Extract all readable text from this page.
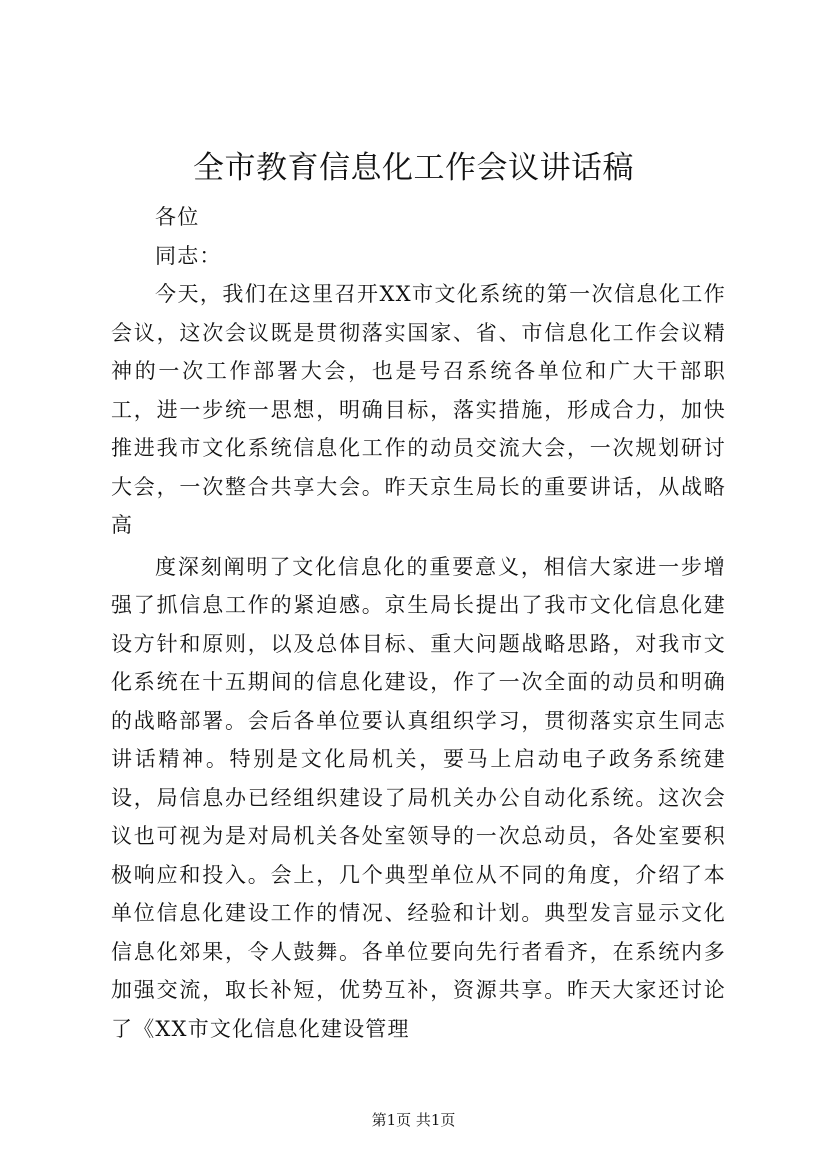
全市教育信息化工作会议讲话稿

各位

同志：

今天，我们在这里召开XX市文化系统的第一次信息化工作会议，这次会议既是贯彻落实国家、省、市信息化工作会议精神的一次工作部署大会，也是号召系统各单位和广大干部职工，进一步统一思想，明确目标，落实措施，形成合力，加快推进我市文化系统信息化工作的动员交流大会，一次规划研讨大会，一次整合共享大会。昨天京生局长的重要讲话，从战略高

度深刻阐明了文化信息化的重要意义，相信大家进一步增强了抓信息工作的紧迫感。京生局长提出了我市文化信息化建设方针和原则，以及总体目标、重大问题战略思路，对我市文化系统在十五期间的信息化建设，作了一次全面的动员和明确的战略部署。会后各单位要认真组织学习，贯彻落实京生同志讲话精神。特别是文化局机关，要马上启动电子政务系统建设，局信息办已经组织建设了局机关办公自动化系统。这次会议也可视为是对局机关各处室领导的一次总动员，各处室要积极响应和投入。会上，几个典型单位从不同的角度，介绍了本单位信息化建设工作的情况、经验和计划。典型发言显示文化信息化郊果，令人鼓舞。各单位要向先行者看齐，在系统内多加强交流，取长补短，优势互补，资源共享。昨天大家还讨论了《XX市文化信息化建设管理

第1页 共1页
